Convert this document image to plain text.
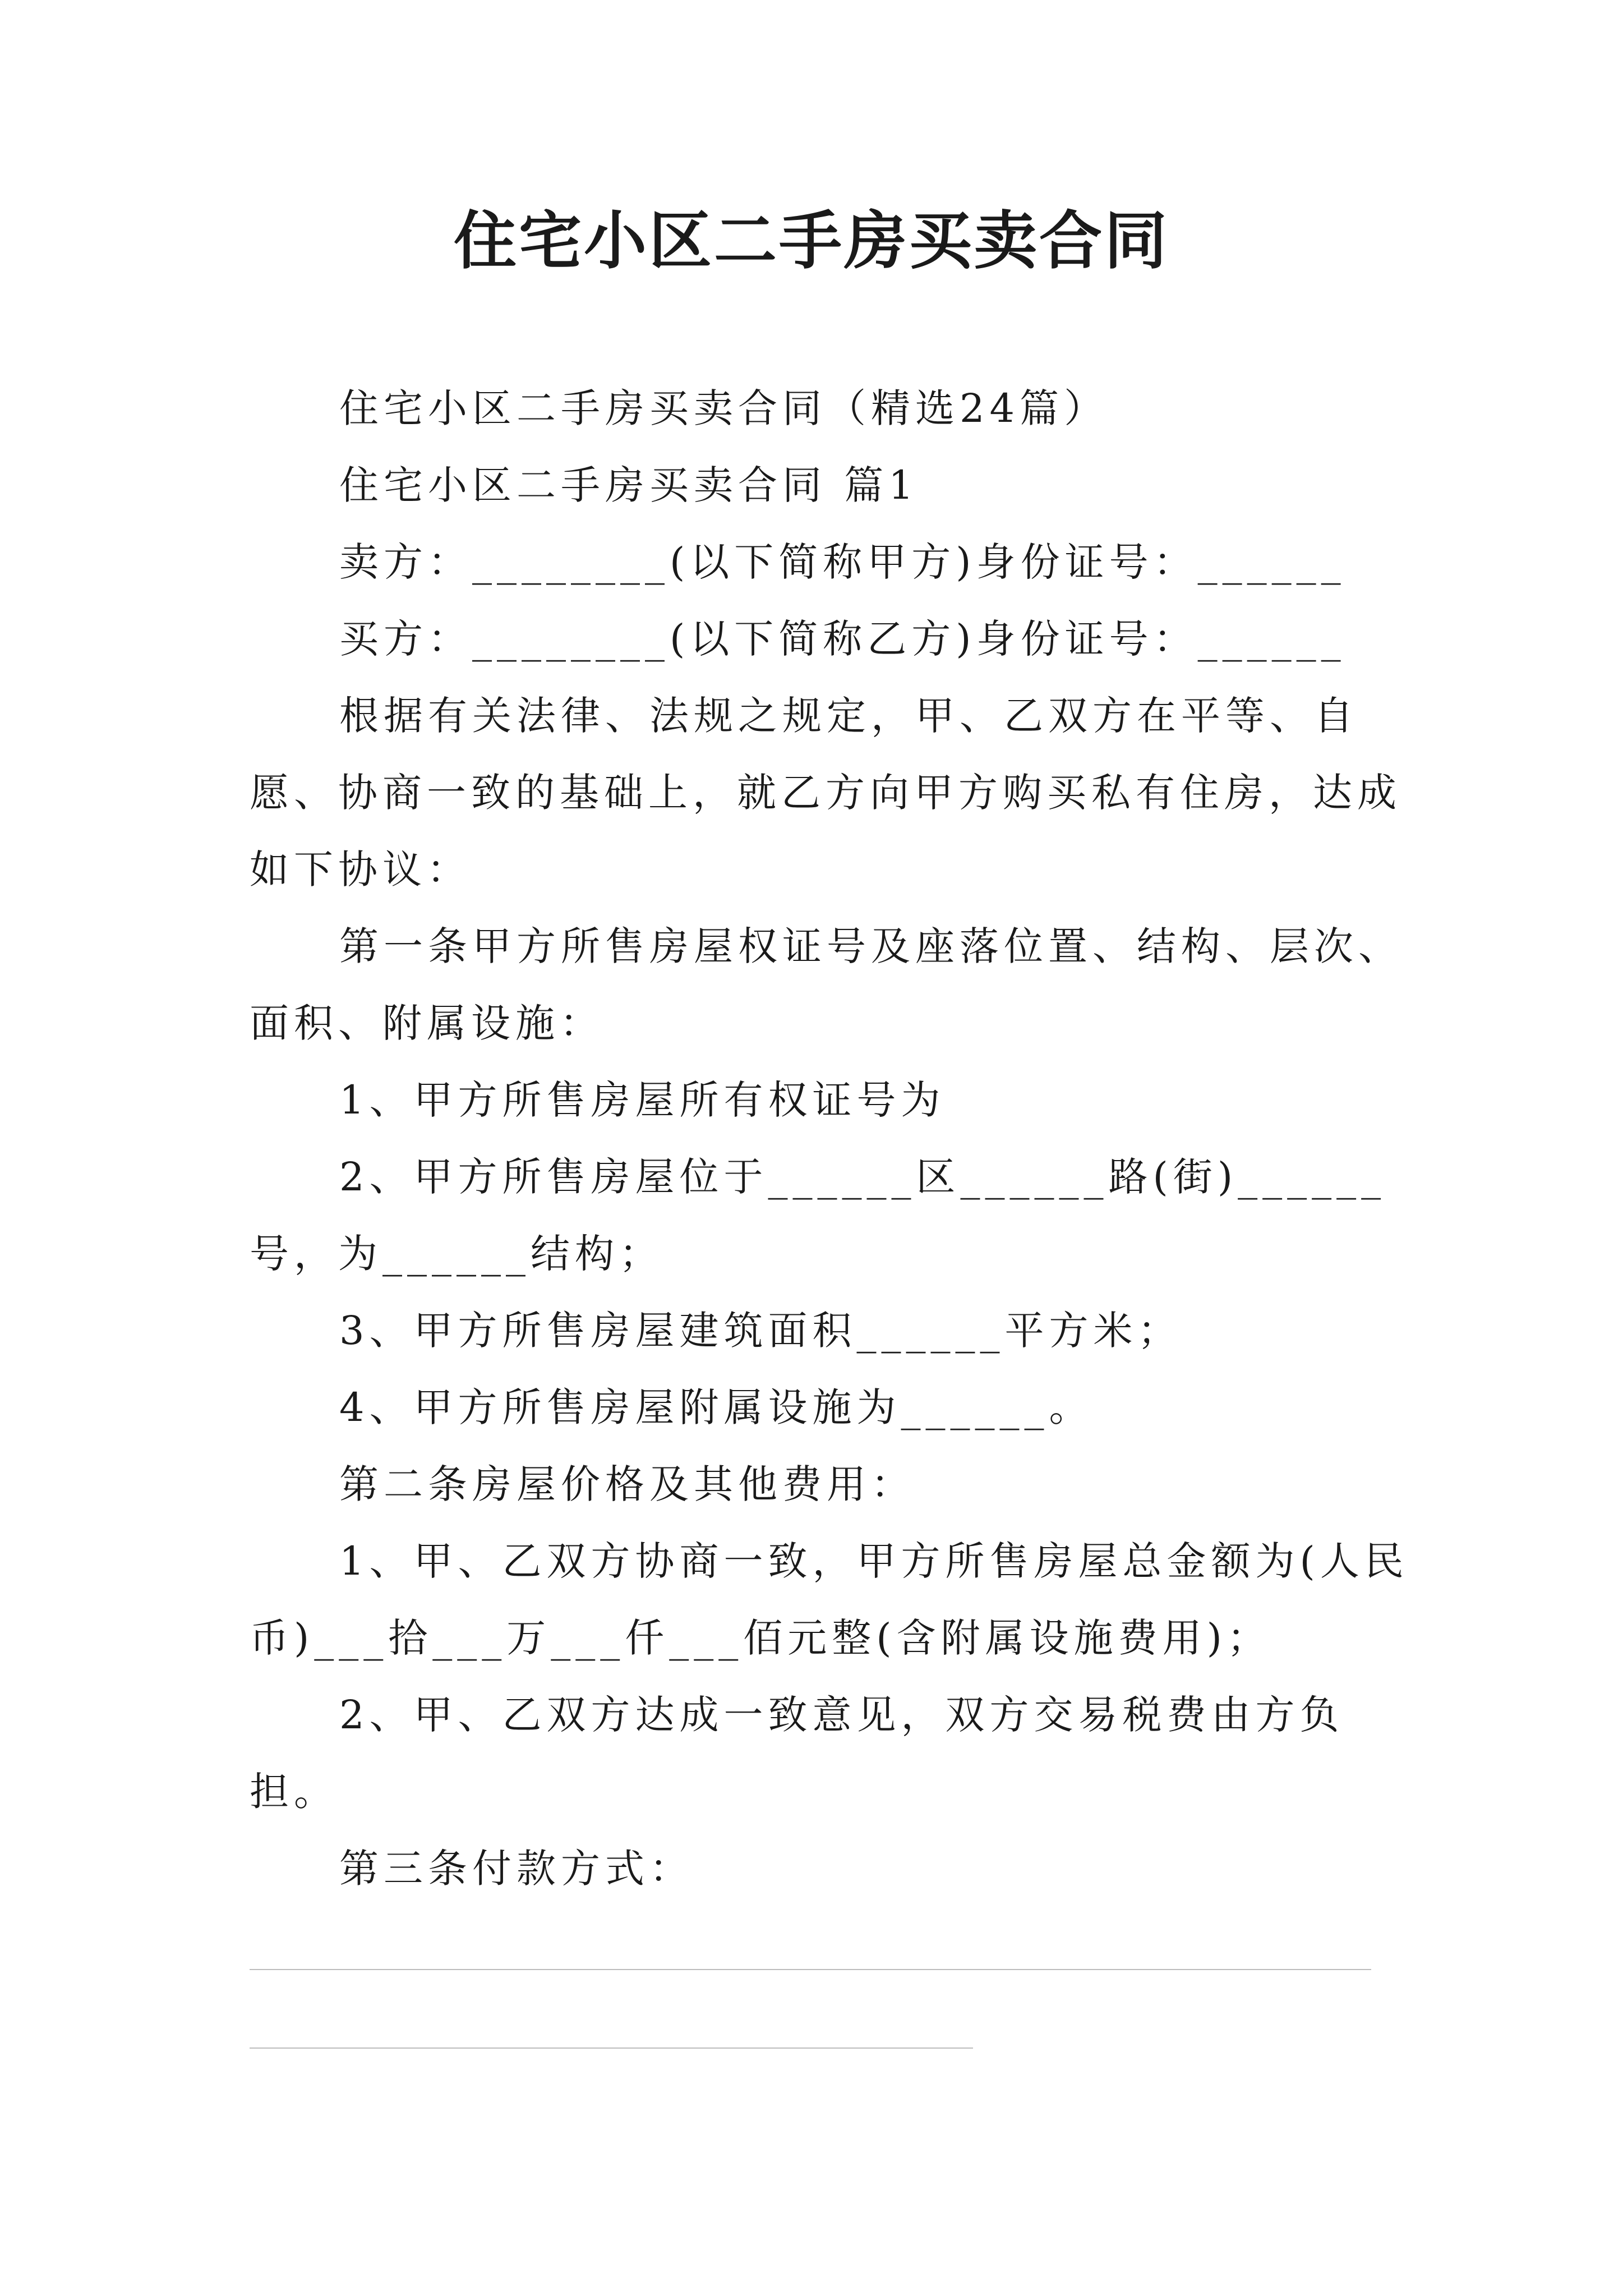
住宅小区二手房买卖合同

住宅小区二手房买卖合同（精选24篇）

住宅小区二手房买卖合同 篇1

卖方：________(以下简称甲方)身份证号：______

买方：________(以下简称乙方)身份证号：______

根据有关法律、法规之规定，甲、乙双方在平等、自愿、协商一致的基础上，就乙方向甲方购买私有住房，达成如下协议：

第一条甲方所售房屋权证号及座落位置、结构、层次、面积、附属设施：

1、甲方所售房屋所有权证号为

2、甲方所售房屋位于______区______路(街)______号，为______结构；

3、甲方所售房屋建筑面积______平方米；

4、甲方所售房屋附属设施为______。

第二条房屋价格及其他费用：

1、甲、乙双方协商一致，甲方所售房屋总金额为(人民币)___拾___万___仟___佰元整(含附属设施费用)；

2、甲、乙双方达成一致意见，双方交易税费由方负担。

第三条付款方式：
